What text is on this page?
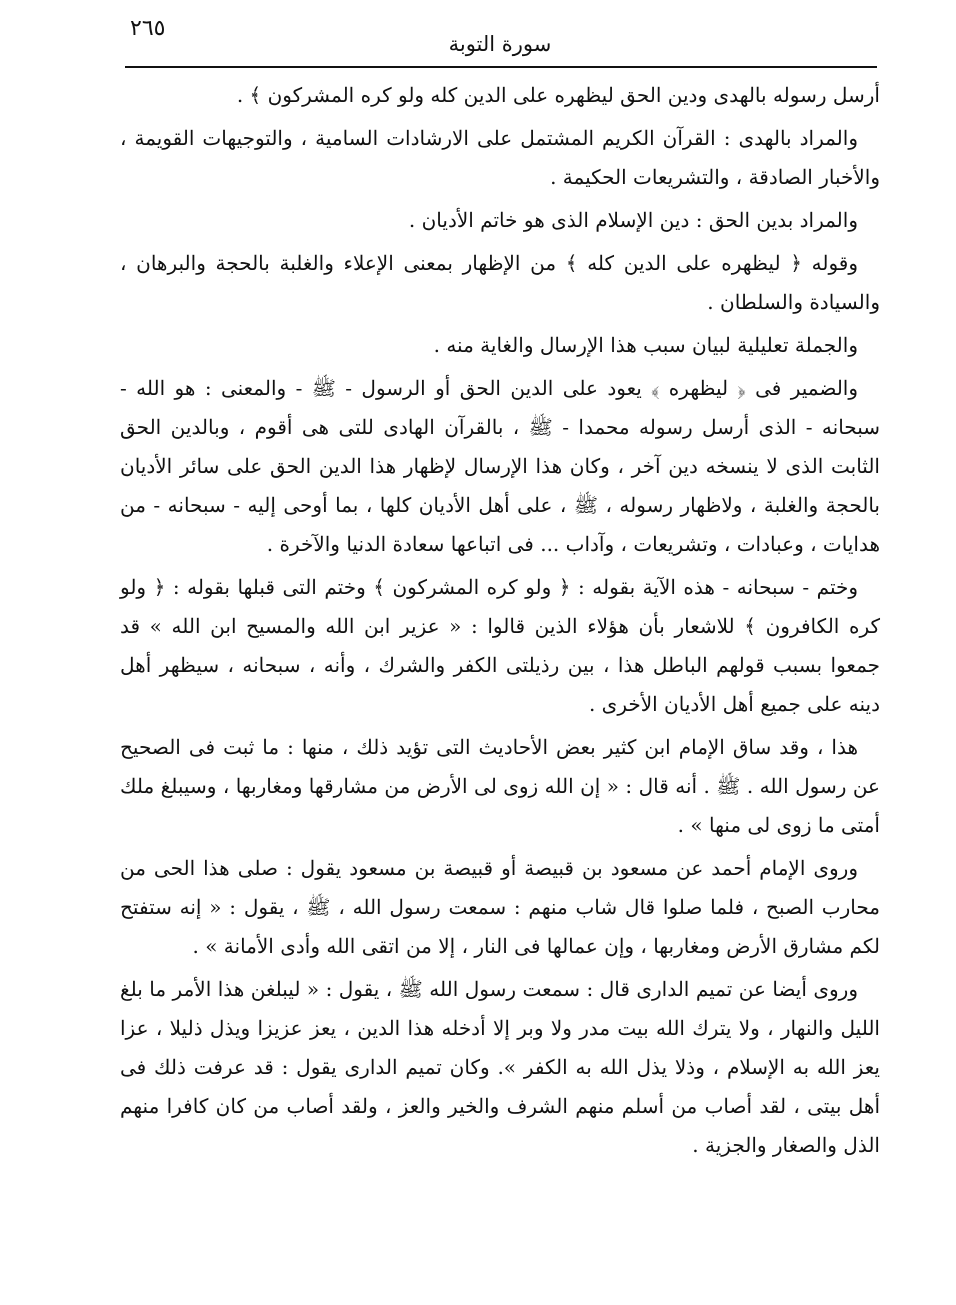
٢٦٥
سورة التوبة

أرسل رسوله بالهدى ودين الحق ليظهره على الدين كله ولو كره المشركون ﴾ .

والمراد بالهدى : القرآن الكريم المشتمل على الارشادات السامية ، والتوجيهات القويمة ، والأخبار الصادقة ، والتشريعات الحكيمة .

والمراد بدين الحق : دين الإسلام الذى هو خاتم الأديان .

وقوله ﴿ ليظهره على الدين كله ﴾ من الإظهار بمعنى الإعلاء والغلبة بالحجة والبرهان ، والسيادة والسلطان .

والجملة تعليلية لبيان سبب هذا الإرسال والغاية منه .

والضمير فى ﴿ ليظهره ﴾ يعود على الدين الحق أو الرسول - ﷺ - والمعنى : هو الله - سبحانه - الذى أرسل رسوله محمدا - ﷺ ، بالقرآن الهادى للتى هى أقوم ، وبالدين الحق الثابت الذى لا ينسخه دين آخر ، وكان هذا الإرسال لإظهار هذا الدين الحق على سائر الأديان بالحجة والغلبة ، ولاظهار رسوله ، ﷺ ، على أهل الأديان كلها ، بما أوحى إليه - سبحانه - من هدايات ، وعبادات ، وتشريعات ، وآداب ... فى اتباعها سعادة الدنيا والآخرة .

وختم - سبحانه - هذه الآية بقوله : ﴿ ولو كره المشركون ﴾ وختم التى قبلها بقوله : ﴿ ولو كره الكافرون ﴾ للاشعار بأن هؤلاء الذين قالوا : « عزير ابن الله والمسيح ابن الله » قد جمعوا بسبب قولهم الباطل هذا ، بين رذيلتى الكفر والشرك ، وأنه ، سبحانه ، سيظهر أهل دينه على جميع أهل الأديان الأخرى .

هذا ، وقد ساق الإمام ابن كثير بعض الأحاديث التى تؤيد ذلك ، منها : ما ثبت فى الصحيح عن رسول الله . ﷺ . أنه قال : « إن الله زوى لى الأرض من مشارقها ومغاربها ، وسيبلغ ملك أمتى ما زوى لى منها » .

وروى الإمام أحمد عن مسعود بن قبيصة أو قبيصة بن مسعود يقول : صلى هذا الحى من محارب الصبح ، فلما صلوا قال شاب منهم : سمعت رسول الله ، ﷺ ، يقول : « إنه ستفتح لكم مشارق الأرض ومغاربها ، وإن عمالها فى النار ، إلا من اتقى الله وأدى الأمانة » .

وروى أيضا عن تميم الدارى قال : سمعت رسول الله ﷺ ، يقول : « ليبلغن هذا الأمر ما بلغ الليل والنهار ، ولا يترك الله بيت مدر ولا وبر إلا أدخله هذا الدين ، يعز عزيزا ويذل ذليلا ، عزا يعز الله به الإسلام ، وذلا يذل الله به الكفر ». وكان تميم الدارى يقول : قد عرفت ذلك فى أهل بيتى ، لقد أصاب من أسلم منهم الشرف والخير والعز ، ولقد أصاب من كان كافرا منهم الذل والصغار والجزية .
